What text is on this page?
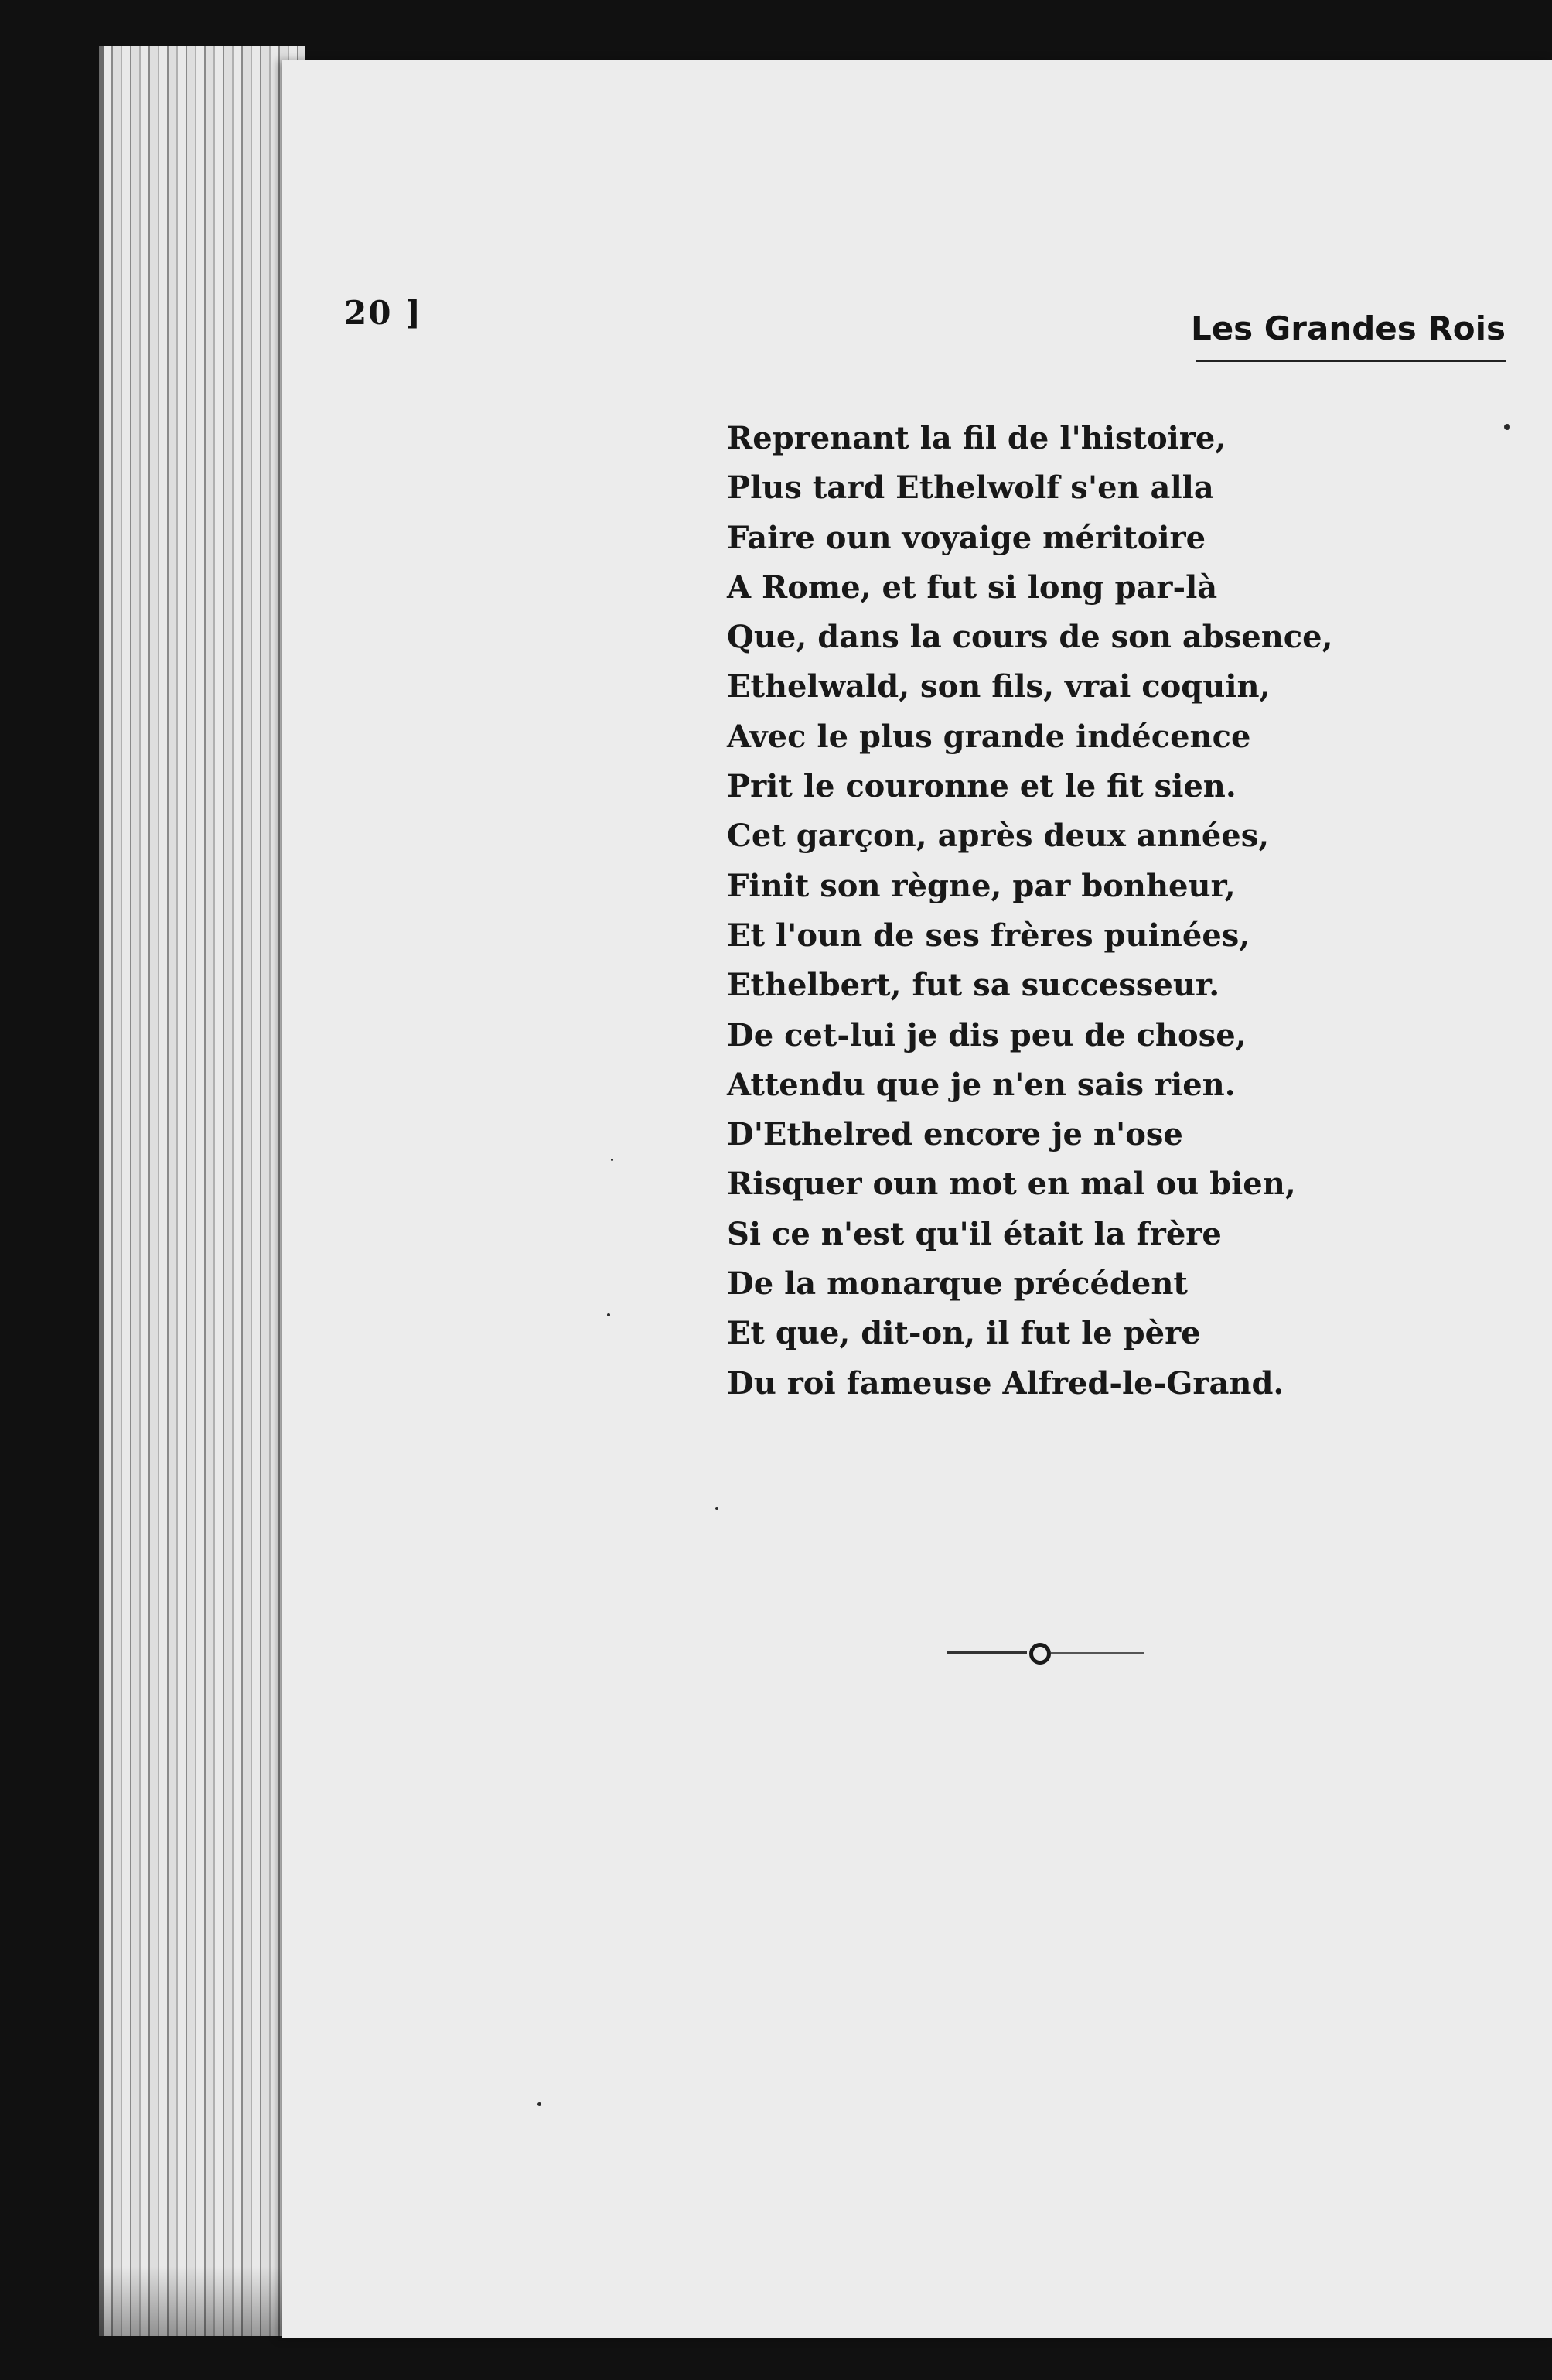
20 ]	Les Grandes Rois
Reprenant la fil de l'histoire,
Plus tard Ethelwolf s'en alla
Faire oun voyaige méritoire
A Rome, et fut si long par-là
Que, dans la cours de son absence,
Ethelwald, son fils, vrai coquin,
Avec le plus grande indécence
Prit le couronne et le fit sien.
Cet garçon, après deux années,
Finit son règne, par bonheur,
Et l'oun de ses frères puinées,
Ethelbert, fut sa successeur.
De cet-lui je dis peu de chose,
Attendu que je n'en sais rien.
D'Ethelred encore je n'ose
Risquer oun mot en mal ou bien,
Si ce n'est qu'il était la frère
De la monarque précédent
Et que, dit-on, il fut le père
Du roi fameuse Alfred-le-Grand.
